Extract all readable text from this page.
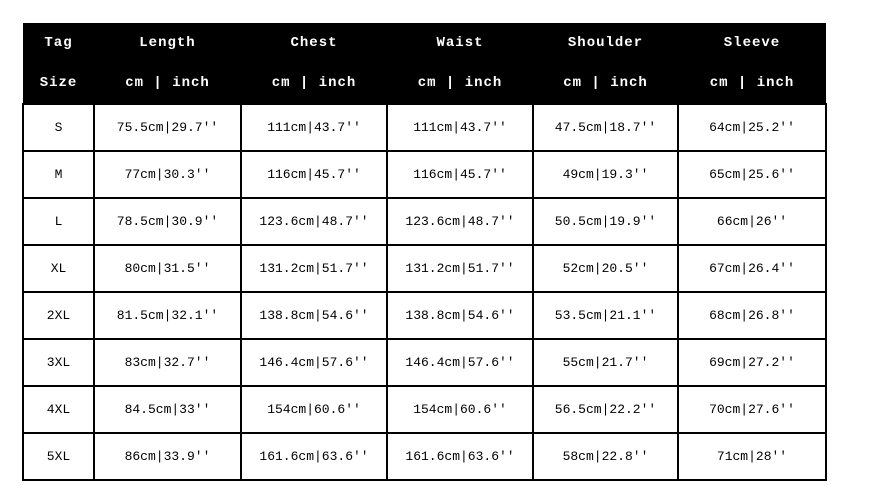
Tag	Length	Chest	Waist	Shoulder	Sleeve
Size	cm | inch	cm | inch	cm | inch	cm | inch	cm | inch
S	75.5cm|29.7''	111cm|43.7''	111cm|43.7''	47.5cm|18.7''	64cm|25.2''
M	77cm|30.3''	116cm|45.7''	116cm|45.7''	49cm|19.3''	65cm|25.6''
L	78.5cm|30.9''	123.6cm|48.7''	123.6cm|48.7''	50.5cm|19.9''	66cm|26''
XL	80cm|31.5''	131.2cm|51.7''	131.2cm|51.7''	52cm|20.5''	67cm|26.4''
2XL	81.5cm|32.1''	138.8cm|54.6''	138.8cm|54.6''	53.5cm|21.1''	68cm|26.8''
3XL	83cm|32.7''	146.4cm|57.6''	146.4cm|57.6''	55cm|21.7''	69cm|27.2''
4XL	84.5cm|33''	154cm|60.6''	154cm|60.6''	56.5cm|22.2''	70cm|27.6''
5XL	86cm|33.9''	161.6cm|63.6''	161.6cm|63.6''	58cm|22.8''	71cm|28''
